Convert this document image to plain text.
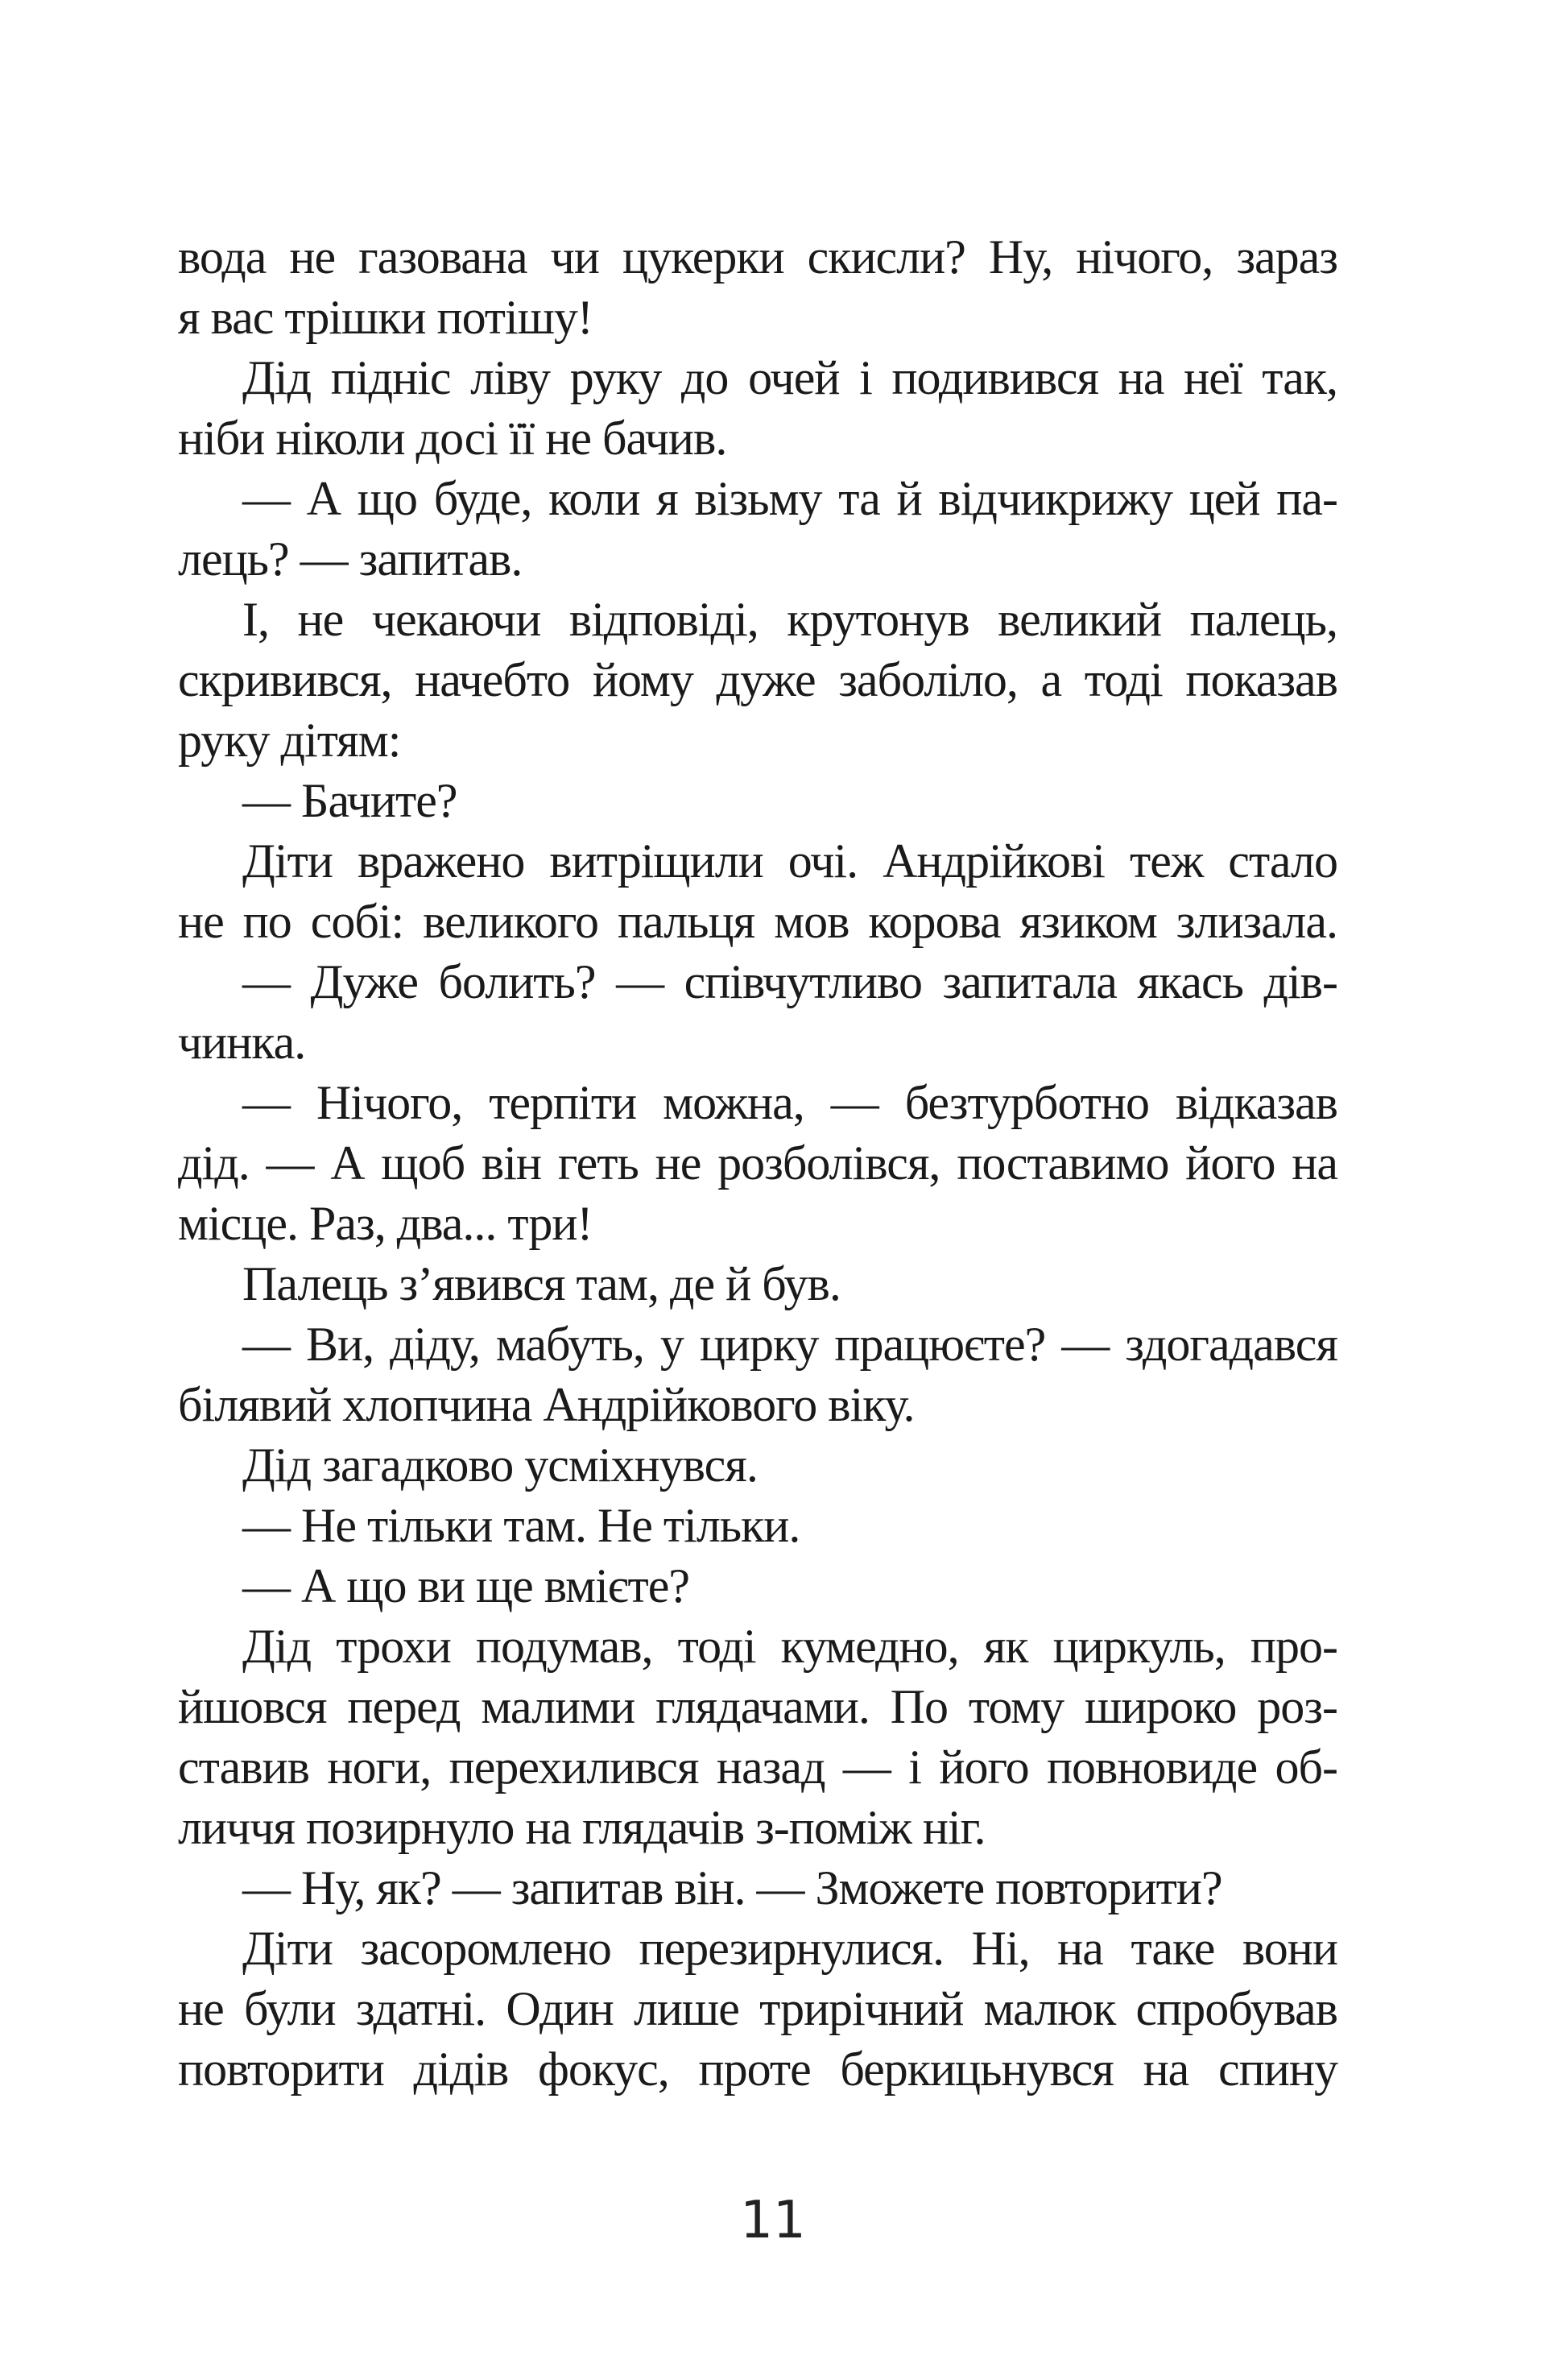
вода не газована чи цукерки скисли? Ну, нічого, зараз
я вас трішки потішу!
Дід підніс ліву руку до очей і подивився на неї так,
ніби ніколи досі її не бачив.
— А що буде, коли я візьму та й відчикрижу цей па-
лець? — запитав.
І, не чекаючи відповіді, крутонув великий палець,
скривився, начебто йому дуже заболіло, а тоді показав
руку дітям:
— Бачите?
Діти вражено витріщили очі. Андрійкові теж стало
не по собі: великого пальця мов корова язиком злизала.
— Дуже болить? — співчутливо запитала якась дів-
чинка.
— Нічого, терпіти можна, — безтурботно відказав
дід. — А щоб він геть не розболівся, поставимо його на
місце. Раз, два... три!
Палець з’явився там, де й був.
— Ви, діду, мабуть, у цирку працюєте? — здогадався
білявий хлопчина Андрійкового віку.
Дід загадково усміхнувся.
— Не тільки там. Не тільки.
— А що ви ще вмієте?
Дід трохи подумав, тоді кумедно, як циркуль, про-
йшовся перед малими глядачами. По тому широко роз-
ставив ноги, перехилився назад — і його повновиде об-
личчя позирнуло на глядачів з-поміж ніг.
— Ну, як? — запитав він. — Зможете повторити?
Діти засоромлено перезирнулися. Ні, на таке вони
не були здатні. Один лише трирічний малюк спробував
повторити дідів фокус, проте беркицьнувся на спину
11
